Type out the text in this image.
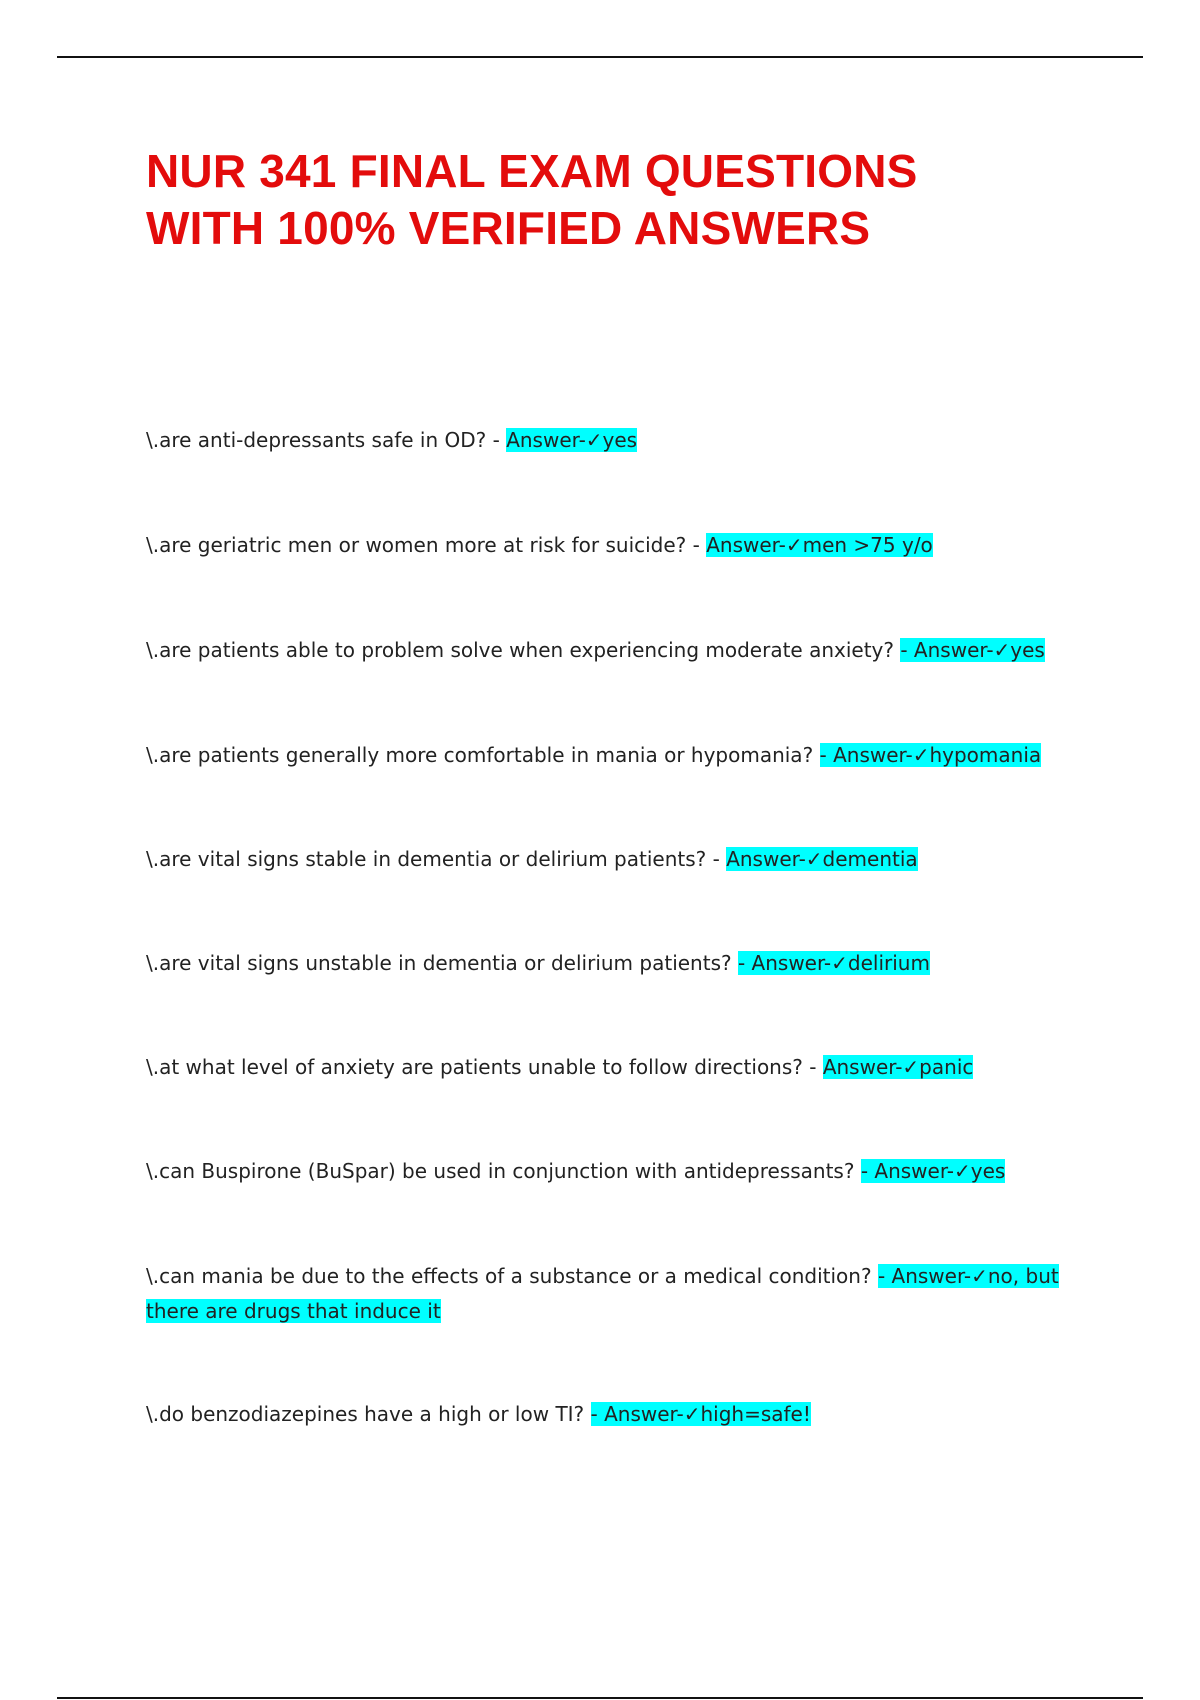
NUR 341 FINAL EXAM QUESTIONS
WITH 100% VERIFIED ANSWERS

\.are anti-depressants safe in OD? - Answer-✓yes

\.are geriatric men or women more at risk for suicide? - Answer-✓men >75 y/o

\.are patients able to problem solve when experiencing moderate anxiety? - Answer-✓yes

\.are patients generally more comfortable in mania or hypomania? - Answer-✓hypomania

\.are vital signs stable in dementia or delirium patients? - Answer-✓dementia

\.are vital signs unstable in dementia or delirium patients? - Answer-✓delirium

\.at what level of anxiety are patients unable to follow directions? - Answer-✓panic

\.can Buspirone (BuSpar) be used in conjunction with antidepressants? - Answer-✓yes

\.can mania be due to the effects of a substance or a medical condition? - Answer-✓no, but there are drugs that induce it

\.do benzodiazepines have a high or low TI? - Answer-✓high=safe!
